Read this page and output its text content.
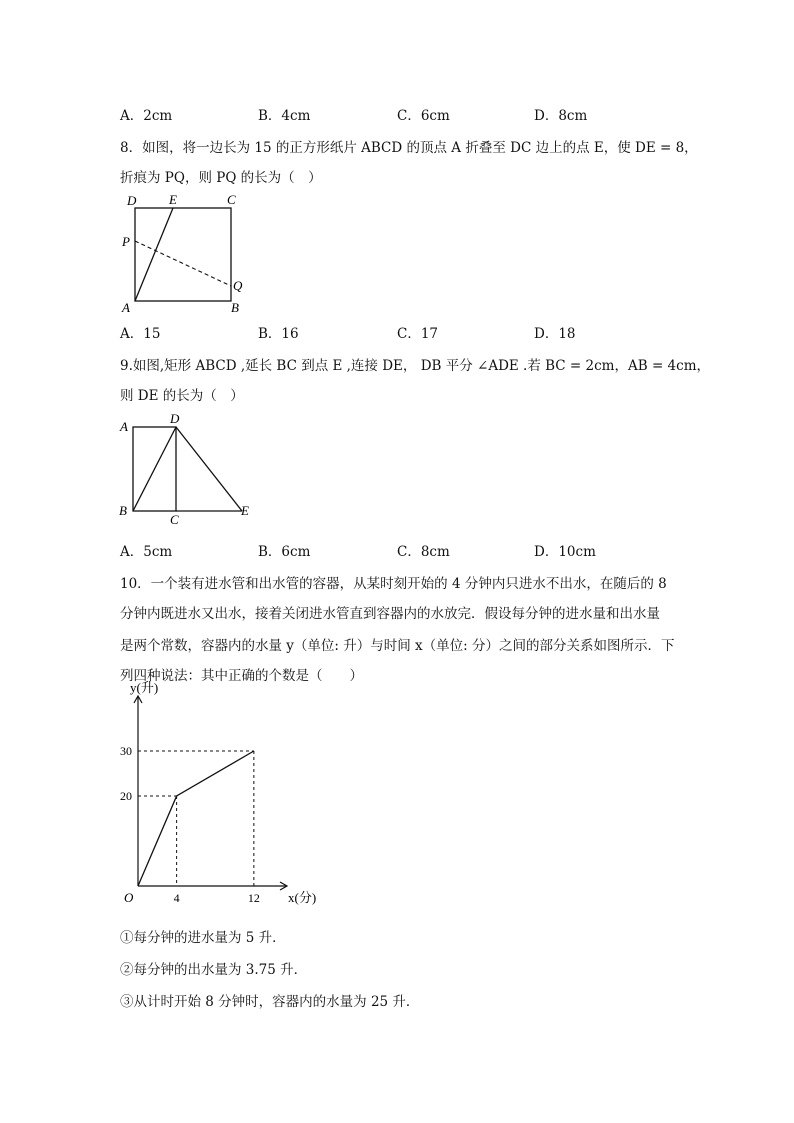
A．2cm	B．4cm	C．6cm	D．8cm
8．如图，将一边长为 15 的正方形纸片 ABCD 的顶点 A 折叠至 DC 边上的点 E，使 DE = 8，
折痕为 PQ，则 PQ 的长为（　）
D	E	C
P
Q
A	B
A．15	B．16	C．17	D．18
9.如图,矩形 ABCD ,延长 BC 到点 E ,连接 DE， DB 平分 ∠ADE .若 BC = 2cm，AB = 4cm，
则 DE 的长为（　）
A
D
B
C
E
A．5cm	B．6cm	C．8cm	D．10cm
10．一个装有进水管和出水管的容器，从某时刻开始的 4 分钟内只进水不出水，在随后的 8
分钟内既进水又出水，接着关闭进水管直到容器内的水放完．假设每分钟的进水量和出水量
是两个常数，容器内的水量 y（单位: 升）与时间 x（单位: 分）之间的部分关系如图所示．下
列四种说法：其中正确的个数是（　　）
x(分)
y(升)
O	4	12
20
30
①每分钟的进水量为 5 升．
②每分钟的出水量为 3.75 升．
③从计时开始 8 分钟时，容器内的水量为 25 升．
